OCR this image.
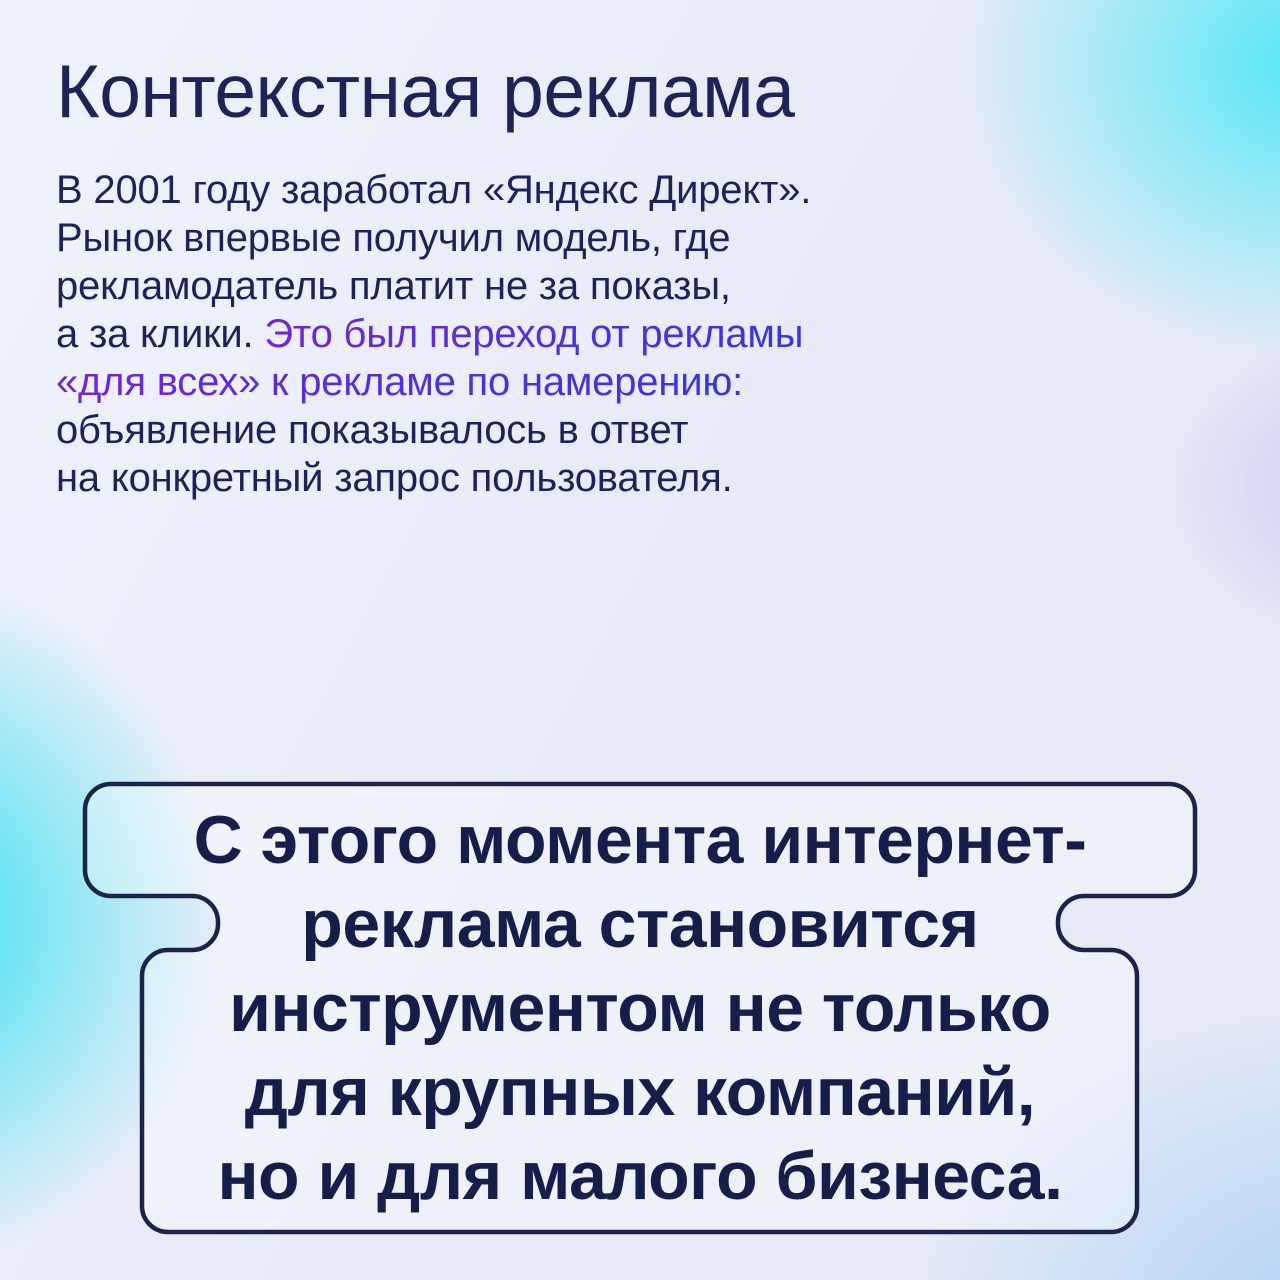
Контекстная реклама
В 2001 году заработал «Яндекс Директ».
Рынок впервые получил модель, где
рекламодатель платит не за показы,
а за клики. Это был переход от рекламы
«для всех» к рекламе по намерению:
объявление показывалось в ответ
на конкретный запрос пользователя.
С этого момента интернет-
реклама становится
инструментом не только
для крупных компаний,
но и для малого бизнеса.
